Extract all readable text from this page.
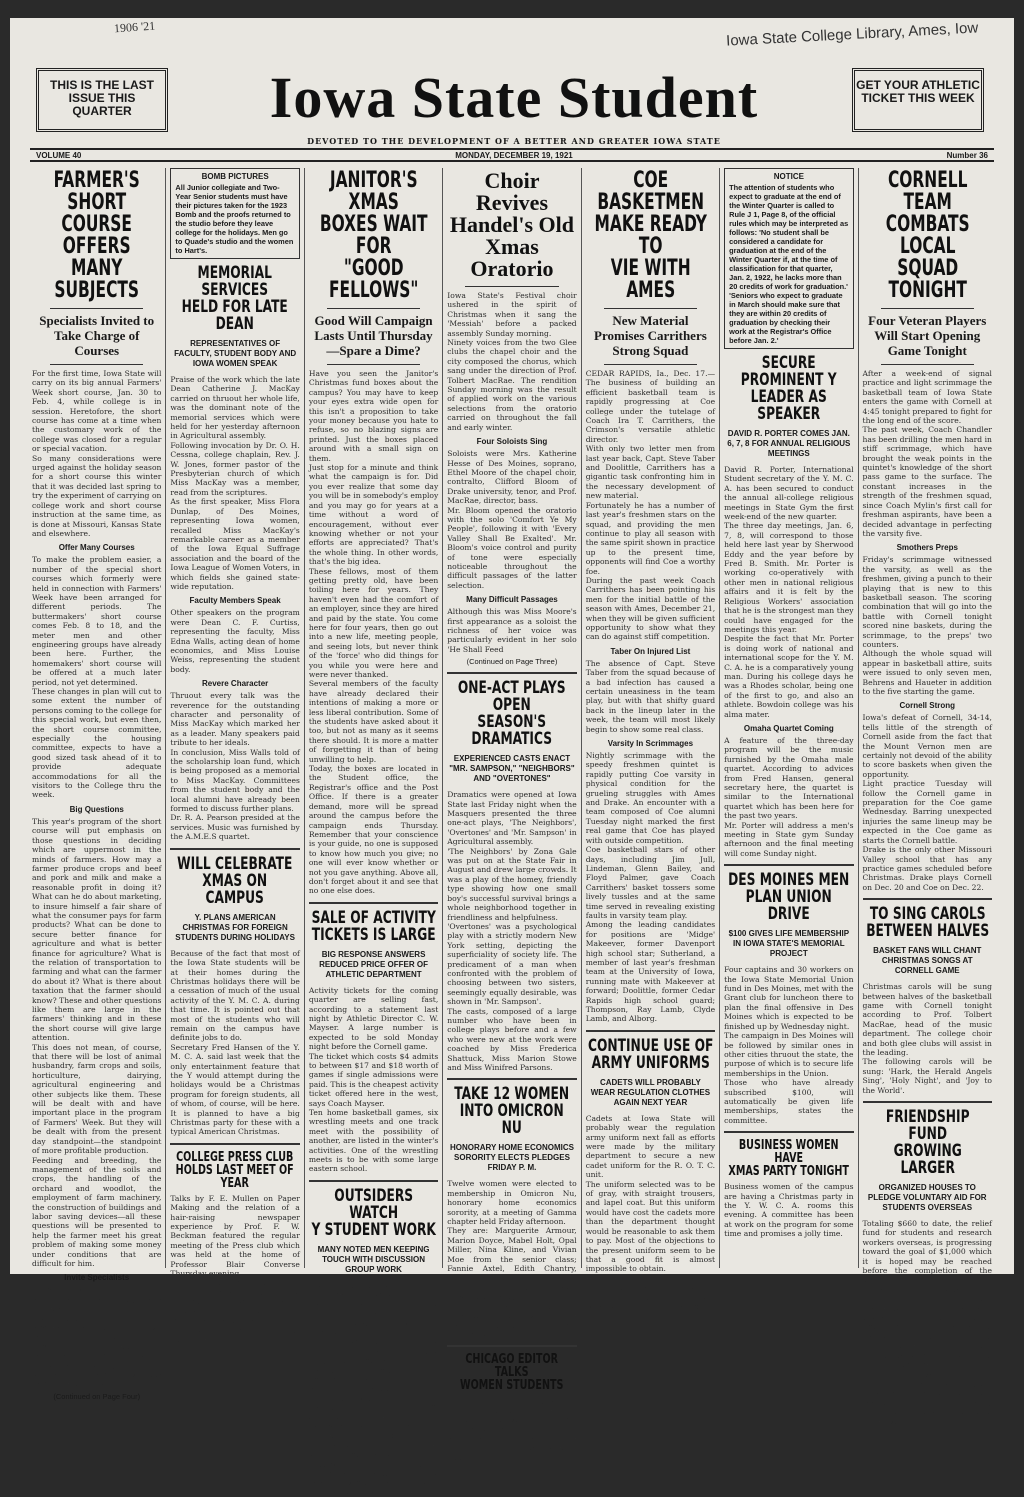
1906 '21	Iowa State College Library, Ames, Iow
THIS IS THE LAST ISSUE THIS QUARTER	Iowa State Student	GET YOUR ATHLETIC TICKET THIS WEEK
DEVOTED TO THE DEVELOPMENT OF A BETTER AND GREATER IOWA STATE
VOLUME 40	MONDAY, DECEMBER 19, 1921	Number 36
FARMER'S SHORT
COURSE OFFERS
MANY SUBJECTS
Specialists Invited to Take Charge of Courses

For the first time, Iowa State will carry on its big annual Farmers' Week short course, Jan. 30 to Feb. 4, while college is in session. Heretofore, the short course has come at a time when the customary work of the college was closed for a regular or special vacation.

So many considerations were urged against the holiday season for a short course this winter that it was decided last spring to try the experiment of carrying on college work and short course instruction at the same time, as is done at Missouri, Kansas State and elsewhere.

Offer Many Courses

To make the problem easier, a number of the special short courses which formerly were held in connection with Farmers' Week have been arranged for different periods. The buttermakers' short course comes Feb. 8 to 18, and the meter men and other engineering groups have already been here. Further, the homemakers' short course will be offered at a much later period, not yet determined.

These changes in plan will cut to some extent the number of persons coming to the college for this special work, but even then, the short course committee, especially the housing committee, expects to have a good sized task ahead of it to provide adequate accommodations for all the visitors to the College thru the week.

Big Questions

This year's program of the short course will put emphasis on those questions in deciding which are uppermost in the minds of farmers. How may a farmer produce crops and beef and pork and milk and make a reasonable profit in doing it? What can he do about marketing, to insure himself a fair share of what the consumer pays for farm products? What can be done to secure better finance for agriculture and what is better finance for agriculture? What is the relation of transportation to farming and what can the farmer do about it? What is there about taxation that the farmer should know? These and other questions like them are large in the farmers' thinking and in these the short course will give large attention.

This does not mean, of course, that there will be lost of animal husbandry, farm crops and soils, horticulture, dairying, agricultural engineering and other subjects like them. These will be dealt with and have important place in the program of Farmers' Week. But they will be dealt with from the present day standpoint—the standpoint of more profitable production.

Feeding and breeding, the management of the soils and crops, the handling of the orchard and woodlot, the employment of farm machinery, the construction of buildings and labor saving devices—all these questions will be presented to help the farmer meet his great problem of making some money under conditions that are difficult for him.

Invite Specialists

Every member of the agricultural faculty at Iowa State, says Professor Beckman, is giving the best that is in him to help the farmers find a better way to deal with new conditions in agriculture, and the best of their work will be given in short course time. Besides, the college is inviting in some specialists from other sources.

(Continued on Page Four)
BOMB PICTURES
All Junior collegiate and Two-Year Senior students must have their pictures taken for the 1923 Bomb and the proofs returned to the studio before they leave college for the holidays. Men go to Quade's studio and the women to Hart's.
MEMORIAL SERVICES
HELD FOR LATE DEAN
REPRESENTATIVES OF FACULTY, STUDENT BODY AND IOWA WOMEN SPEAK

Praise of the work which the late Dean Catherine J. MacKay carried on thruout her whole life, was the dominant note of the memorial services which were held for her yesterday afternoon in Agricultural assembly.

Following invocation by Dr. O. H. Cessna, college chaplain, Rev. J. W. Jones, former pastor of the Presbyterian church of which Miss MacKay was a member, read from the scriptures.

As the first speaker, Miss Flora Dunlap, of Des Moines, representing Iowa women, recalled Miss MacKay's remarkable career as a member of the Iowa Equal Suffrage association and the board of the Iowa League of Women Voters, in which fields she gained state-wide reputation.

Faculty Members Speak

Other speakers on the program were Dean C. F. Curtiss, representing the faculty, Miss Edna Walls, acting dean of home economics, and Miss Louise Weiss, representing the student body.

Revere Character

Thruout every talk was the reverence for the outstanding character and personality of Miss MacKay which marked her as a leader. Many speakers paid tribute to her ideals.

In conclusion, Miss Walls told of the scholarship loan fund, which is being proposed as a memorial to Miss MacKay. Committees from the student body and the local alumni have already been formed to discuss further plans.

Dr. R. A. Pearson presided at the services. Music was furnished by the A.M.E.S quartet.

WILL CELEBRATE
XMAS ON CAMPUS
Y. PLANS AMERICAN CHRISTMAS FOR FOREIGN STUDENTS DURING HOLIDAYS

Because of the fact that most of the Iowa State students will be at their homes during the Christmas holidays there will be a cessation of much of the usual activity of the Y. M. C. A. during that time. It is pointed out that most of the students who will remain on the campus have definite jobs to do.

Secretary Fred Hansen of the Y. M. C. A. said last week that the only entertainment feature that the Y would attempt during the holidays would be a Christmas program for foreign students, all of whom, of course, will be here. It is planned to have a big Christmas party for these with a typical American Christmas.

COLLEGE PRESS CLUB
HOLDS LAST MEET OF YEAR

Talks by F. E. Mullen on Paper Making and the relation of a hair-raising newspaper experience by Prof. F. W. Beckman featured the regular meeting of the Press club which was held at the home of Professor Blair Converse Thursday evening.

Announcement from the Y. M. C. A. billiard room is that a new billiards game will be played Tuesday at 4 p.m. between 'Billy' Page last year's champion and Jacob Levy winner of the tourney just closed.

JANITOR'S XMAS
BOXES WAIT FOR
"GOOD FELLOWS"
Good Will Campaign Lasts Until Thursday —Spare a Dime?

Have you seen the Janitor's Christmas fund boxes about the campus? You may have to keep your eyes extra wide open for this isn't a proposition to take your money because you hate to refuse, so no blazing signs are printed. Just the boxes placed around with a small sign on them.

Just stop for a minute and think what the campaign is for. Did you ever realize that some day you will be in somebody's employ and you may go for years at a time without a word of encouragement, without ever knowing whether or not your efforts are appreciated? That's the whole thing. In other words, that's the big idea.

These fellows, most of them getting pretty old, have been toiling here for years. They haven't even had the comfort of an employer, since they are hired and paid by the state. You come here for four years, then go out into a new life, meeting people, and seeing lots, but never think of the 'force' who did things for you while you were here and were never thanked.

Several members of the faculty have already declared their intentions of making a more or less liberal contribution. Some of the students have asked about it too, but not as many as it seems there should. It is more a matter of forgetting it than of being unwilling to help.

Today, the boxes are located in the Student office, the Registrar's office and the Post Office. If there is a greater demand, more will be spread around the campus before the campaign ends Thursday. Remember that your conscience is your guide, no one is supposed to know how much you give; no one will ever know whether or not you gave anything. Above all, don't forget about it and see that no one else does.

SALE OF ACTIVITY
TICKETS IS LARGE
BIG RESPONSE ANSWERS REDUCED PRICE OFFER OF ATHLETIC DEPARTMENT

Activity tickets for the coming quarter are selling fast, according to a statement last night by Athletic Director C. W. Mayser. A large number is expected to be sold Monday night before the Cornell game.

The ticket which costs $4 admits to between $17 and $18 worth of games if single admissions were paid. This is the cheapest activity ticket offered here in the west, says Coach Mayser.

Ten home basketball games, six wrestling meets and one track meet with the possibility of another, are listed in the winter's activities. One of the wrestling meets is to be with some large eastern school.

OUTSIDERS WATCH
Y STUDENT WORK
MANY NOTED MEN KEEPING TOUCH WITH DISCUSSION GROUP WORK

Iowa State has just completed the greatest discussion group program this quarter that has ever been organized in any college, according to Y. M. C. A. officials.

In other schools this plan is carried out in fraternity houses only, but there have been 45 groups of non-fraternity men organized here that have met regularly each week.

There has been a total of 75 groups with an average of 61 sessions per week in both fraternity and unorganized houses with a total average attendance of over 700 men per week. There has also been one class composed of faculty men.

Intramural basketball games have integrated slightly with attendance the last few weeks.

Choir Revives
Handel's Old
Xmas Oratorio

Iowa State's Festival choir ushered in the spirit of Christmas when it sang the 'Messiah' before a packed assembly Sunday morning.

Ninety voices from the two Glee clubs the chapel choir and the city composed the chorus, which sang under the direction of Prof. Tolbert MacRae. The rendition Sunday morning was the result of applied work on the various selections from the oratorio carried on throughout the fall and early winter.

Four Soloists Sing

Soloists were Mrs. Katherine Hesse of Des Moines, soprano, Ethel Moore of the chapel choir, contralto, Clifford Bloom of Drake university, tenor, and Prof. MacRae, director, bass.

Mr. Bloom opened the oratorio with the solo 'Comfort Ye My People', following it with 'Every Valley Shall Be Exalted'. Mr. Bloom's voice control and purity of tone were especially noticeable throughout the difficult passages of the latter selection.

Many Difficult Passages

Although this was Miss Moore's first appearance as a soloist the richness of her voice was particularly evident in her solo 'He Shall Feed

(Continued on Page Three)
ONE-ACT PLAYS OPEN
SEASON'S DRAMATICS
EXPERIENCED CASTS ENACT "MR. SAMPSON," "NEIGHBORS" AND "OVERTONES"

Dramatics were opened at Iowa State last Friday night when the Masquers presented the three one-act plays, 'The Neighbors', 'Overtones' and 'Mr. Sampson' in Agricultural assembly.

'The Neighbors' by Zona Gale was put on at the State Fair in August and drew large crowds. It was a play of the homey, friendly type showing how one small boy's successful survival brings a whole neighborhood together in friendliness and helpfulness.

'Overtones' was a psychological play with a strictly modern New York setting, depicting the superficiality of society life. The predicament of a man when confronted with the problem of choosing between two sisters, seemingly equally desirable, was shown in 'Mr. Sampson'.

The casts, composed of a large number who have been in college plays before and a few who were new at the work were coached by Miss Frederica Shattuck, Miss Marion Stowe and Miss Winifred Parsons.

TAKE 12 WOMEN
INTO OMICRON NU
HONORARY HOME ECONOMICS SORORITY ELECTS PLEDGES FRIDAY P. M.

Twelve women were elected to membership in Omicron Nu, honorary home economics sorority, at a meeting of Gamma chapter held Friday afternoon.

They are: Marguerite Armour, Marion Doyce, Mabel Holt, Opal Miller, Nina Kline, and Vivian Moe from the senior class; Fannie Axtel, Edith Chantry, Verna Hunter and Ruth Magdeburn from the junior class; Miss Edna Walls, acting dean of home economics and Dr. Elizabeth Miller, head of the graduate department of home economics.

CHICAGO EDITOR TALKS
WOMEN STUDENTS

John Willey of Chicago, who is editor and publisher of the Hotel Monthly, visited the home economics division Saturday. Mr. Willey talked informally to the women of the various classes in institutional work.

COE BASKETMEN
MAKE READY TO
VIE WITH AMES
New Material Promises Carrithers Strong Squad

CEDAR RAPIDS, Ia., Dec. 17.—The business of building an efficient basketball team is rapidly progressing at Coe college under the tutelage of Coach Ira T. Carrithers, the Crimson's versatile athletic director.

With only two letter men from last year back, Capt. Steve Taber and Doolittle, Carrithers has a gigantic task confronting him in the necessary development of new material.

Fortunately he has a number of last year's freshmen stars on the squad, and providing the men continue to play all season with the same spirit shown in practice up to the present time, opponents will find Coe a worthy foe.

During the past week Coach Carrithers has been pointing his men for the initial battle of the season with Ames, December 21, when they will be given sufficient opportunity to show what they can do against stiff competition.

Taber On Injured List

The absence of Capt. Steve Taber from the squad because of a bad infection has caused a certain uneasiness in the team play, but with that shifty guard back in the lineup later in the week, the team will most likely begin to show some real class.

Varsity In Scrimmages

Nightly scrimmage with the speedy freshmen quintet is rapidly putting Coe varsity in physical condition for the grueling struggles with Ames and Drake. An encounter with a team composed of Coe alumni Tuesday night marked the first real game that Coe has played with outside competition.

Coe basketball stars of other days, including Jim Jull, Lindeman, Glenn Bailey, and Floyd Palmer, gave Coach Carrithers' basket tossers some lively tussles and at the same time served in revealing existing faults in varsity team play.

Among the leading candidates for positions are 'Midge' Makeever, former Davenport high school star; Sutherland, a member of last year's freshman team at the University of Iowa, running mate with Makeever at forward; Doolittle, former Cedar Rapids high school guard; Thompson, Ray Lamb, Clyde Lamb, and Alborg.

CONTINUE USE OF
ARMY UNIFORMS
CADETS WILL PROBABLY WEAR REGULATION CLOTHES AGAIN NEXT YEAR

Cadets at Iowa State will probably wear the regulation army uniform next fall as efforts were made by the military department to secure a new cadet uniform for the R. O. T. C. unit.

The uniform selected was to be of gray, with straight trousers, and lapel coat. But this uniform would have cost the cadets more than the department thought would be reasonable to ask them to pay. Most of the objections to the present uniform seem to be that a good fit is almost impossible to obtain.

However, new uniforms will be here next year and efforts will be made to obtain uniforms that will be satisfactory to the wearers.

NOTICE
The attention of students who expect to graduate at the end of the Winter Quarter is called to Rule J 1, Page 8, of the official rules which may be interpreted as follows: 'No student shall be considered a candidate for graduation at the end of the Winter Quarter if, at the time of classification for that quarter, Jan. 2, 1922, he lacks more than 20 credits of work for graduation.' 'Seniors who expect to graduate in March should make sure that they are within 20 credits of graduation by checking their work at the Registrar's Office before Jan. 2.'
SECURE PROMINENT Y
LEADER AS SPEAKER
DAVID R. PORTER COMES JAN. 6, 7, 8 FOR ANNUAL RELIGIOUS MEETINGS

David R. Porter, International Student secretary of the Y. M. C. A. has been secured to conduct the annual all-college religious meetings in State Gym the first week-end of the new quarter.

The three day meetings, Jan. 6, 7, 8, will correspond to those held here last year by Sherwood Eddy and the year before by Fred B. Smith. Mr. Porter is working co-operatively with other men in national religious affairs and it is felt by the Religious Workers' association that he is the strongest man they could have engaged for the meetings this year.

Despite the fact that Mr. Porter is doing work of national and international scope for the Y. M. C. A. he is a comparatively young man. During his college days he was a Rhodes scholar, being one of the first to go, and also an athlete. Bowdoin college was his alma mater.

Omaha Quartet Coming

A feature of the three-day program will be the music furnished by the Omaha male quartet. According to advices from Fred Hansen, general secretary here, the quartet is similar to the International quartet which has been here for the past two years.

Mr. Porter will address a men's meeting in State gym Sunday afternoon and the final meeting will come Sunday night.

DES MOINES MEN
PLAN UNION DRIVE
$100 GIVES LIFE MEMBERSHIP IN IOWA STATE'S MEMORIAL PROJECT

Four captains and 30 workers on the Iowa State Memorial Union fund in Des Moines, met with the Grant club for luncheon there to plan the final offensive in Des Moines which is expected to be finished up by Wednesday night.

The campaign in Des Moines will be followed by similar ones in other cities thruout the state, the purpose of which is to secure life memberships in the Union.

Those who have already subscribed $100, will automatically be given life memberships, states the committee.

BUSINESS WOMEN HAVE
XMAS PARTY TONIGHT

Business women of the campus are having a Christmas party in the Y. W. C. A. rooms this evening. A committee has been at work on the program for some time and promises a jolly time.

CORNELL TEAM
COMBATS LOCAL
SQUAD TONIGHT
Four Veteran Players Will Start Opening Game Tonight

After a week-end of signal practice and light scrimmage the basketball team of Iowa State enters the game with Cornell at 4:45 tonight prepared to fight for the long end of the score.

The past week, Coach Chandler has been drilling the men hard in stiff scrimmage, which have brought the weak points in the quintet's knowledge of the short pass game to the surface. The constant increases in the strength of the freshmen squad, since Coach Mylin's first call for freshman aspirants, have been a decided advantage in perfecting the varsity five.

Smothers Preps

Friday's scrimmage witnessed the varsity, as well as the freshmen, giving a punch to their playing that is new to this basketball season. The scoring combination that will go into the battle with Cornell tonight scored nine baskets, during the scrimmage, to the preps' two counters.

Although the whole squad will appear in basketball attire, suits were issued to only seven men, Behrens and Haueter in addition to the five starting the game.

Cornell Strong

Iowa's defeat of Cornell, 34-14, tells little of the strength of Cornell aside from the fact that the Mount Vernon men are certainly not devoid of the ability to score baskets when given the opportunity.

Light practice Tuesday will follow the Cornell game in preparation for the Coe game Wednesday. Barring unexpected injuries the same lineup may be expected in the Coe game as starts the Cornell battle.

Drake is the only other Missouri Valley school that has any practice games scheduled before Christmas. Drake plays Cornell on Dec. 20 and Coe on Dec. 22.

TO SING CAROLS
BETWEEN HALVES
BASKET FANS WILL CHANT CHRISTMAS SONGS AT CORNELL GAME

Christmas carols will be sung between halves of the basketball game with Cornell tonight according to Prof. Tolbert MacRae, head of the music department. The college choir and both glee clubs will assist in the leading.

The following carols will be sung: 'Hark, the Herald Angels Sing', 'Holy Night', and 'Joy to the World'.

FRIENDSHIP FUND
GROWING LARGER
ORGANIZED HOUSES TO PLEDGE VOLUNTARY AID FOR STUDENTS OVERSEAS

Totaling $660 to date, the relief fund for students and research workers overseas, is progressing toward the goal of $1,000 which it is hoped may be reached before the completion of the drive.

Approximately $450 was pledged at the voluntary collection in the chapel service on Sunday, and this added to the sum of $200 previously given by organizations makes up the total amount thus far pledged. Under the conditions which the students and workers are forced to work in other countries.

Tonight and tomorrow night, the houses and organizations on the campus will voluntarily cooperate in this drive, it is expected.
